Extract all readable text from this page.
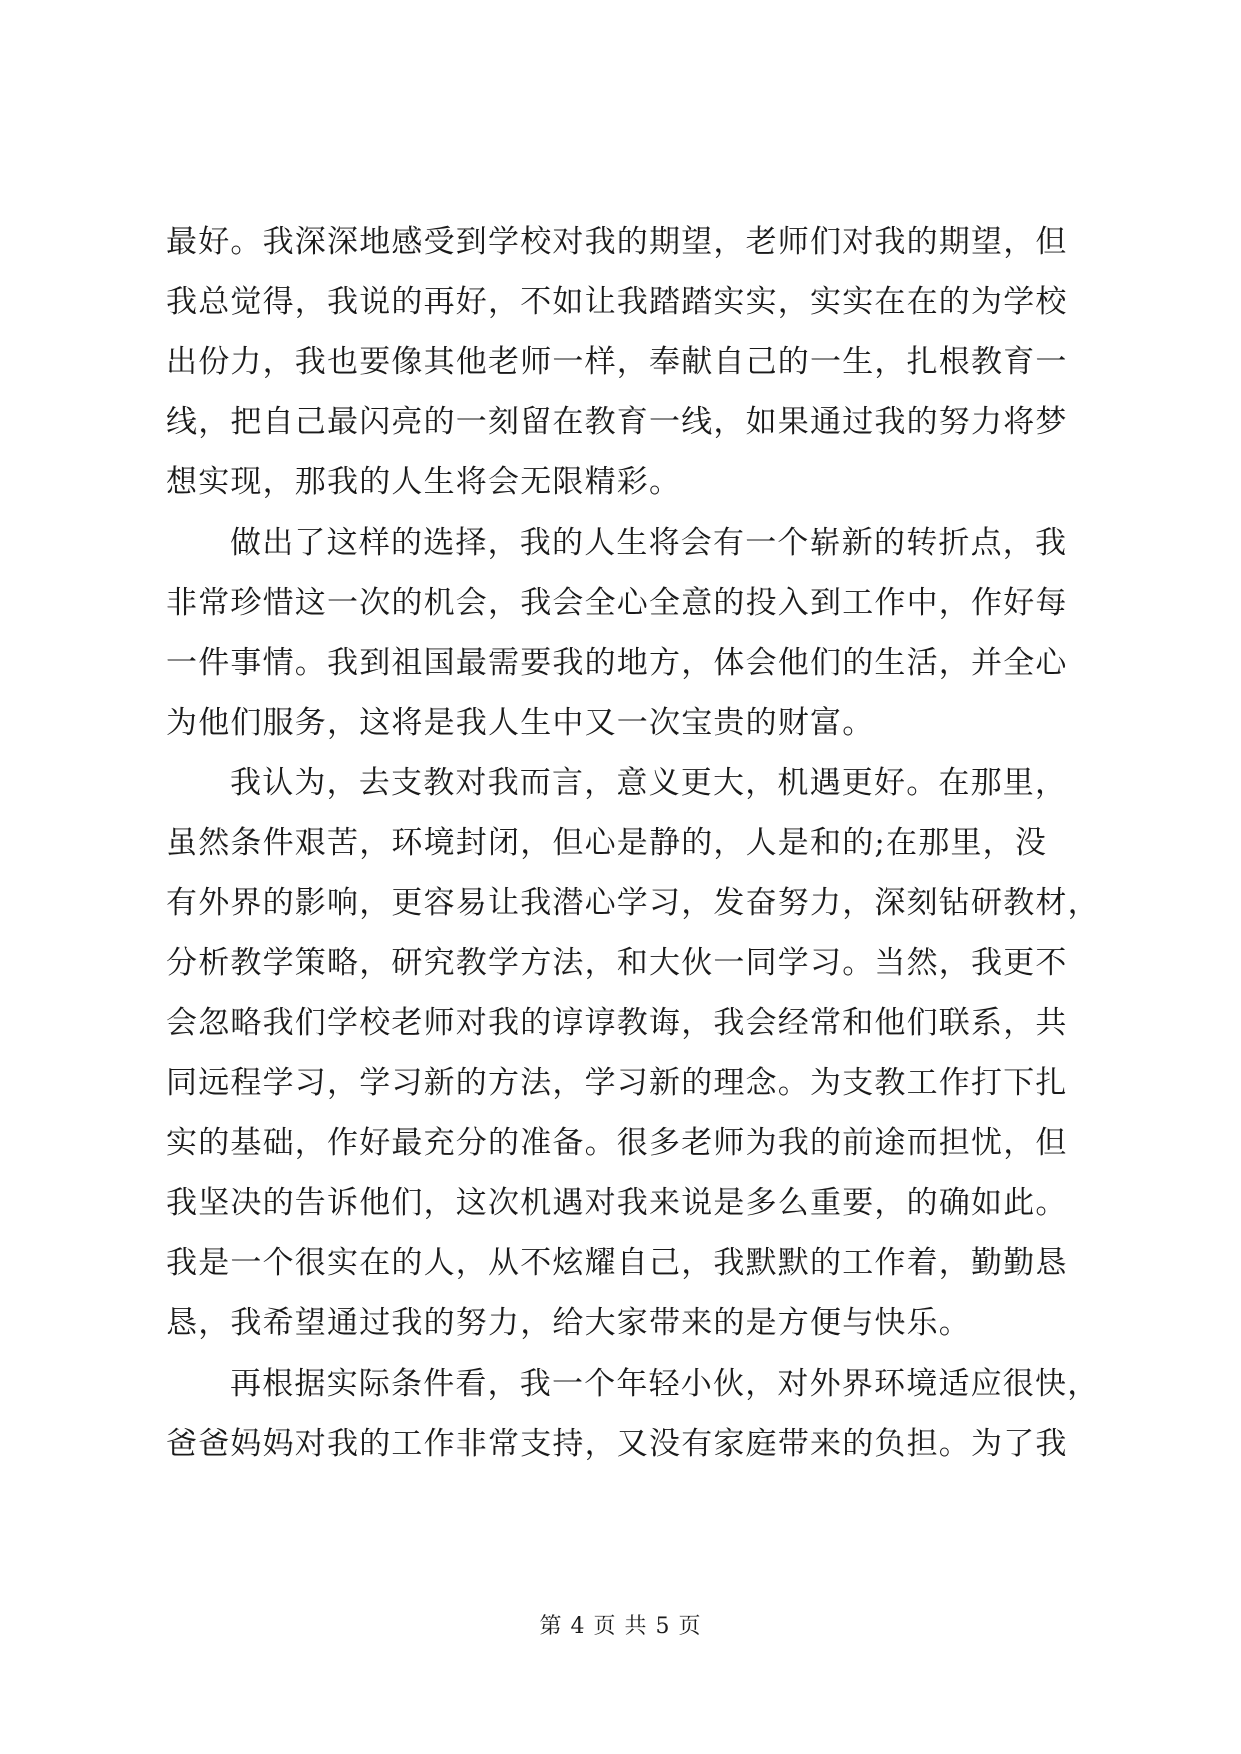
最好。我深深地感受到学校对我的期望，老师们对我的期望，但
我总觉得，我说的再好，不如让我踏踏实实，实实在在的为学校
出份力，我也要像其他老师一样，奉献自己的一生，扎根教育一
线，把自己最闪亮的一刻留在教育一线，如果通过我的努力将梦
想实现，那我的人生将会无限精彩。
做出了这样的选择，我的人生将会有一个崭新的转折点，我
非常珍惜这一次的机会，我会全心全意的投入到工作中，作好每
一件事情。我到祖国最需要我的地方，体会他们的生活，并全心
为他们服务，这将是我人生中又一次宝贵的财富。
我认为，去支教对我而言，意义更大，机遇更好。在那里，
虽然条件艰苦，环境封闭，但心是静的，人是和的;在那里，没
有外界的影响，更容易让我潜心学习，发奋努力，深刻钻研教材，
分析教学策略，研究教学方法，和大伙一同学习。当然，我更不
会忽略我们学校老师对我的谆谆教诲，我会经常和他们联系，共
同远程学习，学习新的方法，学习新的理念。为支教工作打下扎
实的基础，作好最充分的准备。很多老师为我的前途而担忧，但
我坚决的告诉他们，这次机遇对我来说是多么重要，的确如此。
我是一个很实在的人，从不炫耀自己，我默默的工作着，勤勤恳
恳，我希望通过我的努力，给大家带来的是方便与快乐。
再根据实际条件看，我一个年轻小伙，对外界环境适应很快，
爸爸妈妈对我的工作非常支持，又没有家庭带来的负担。为了我
第 4 页 共 5 页
